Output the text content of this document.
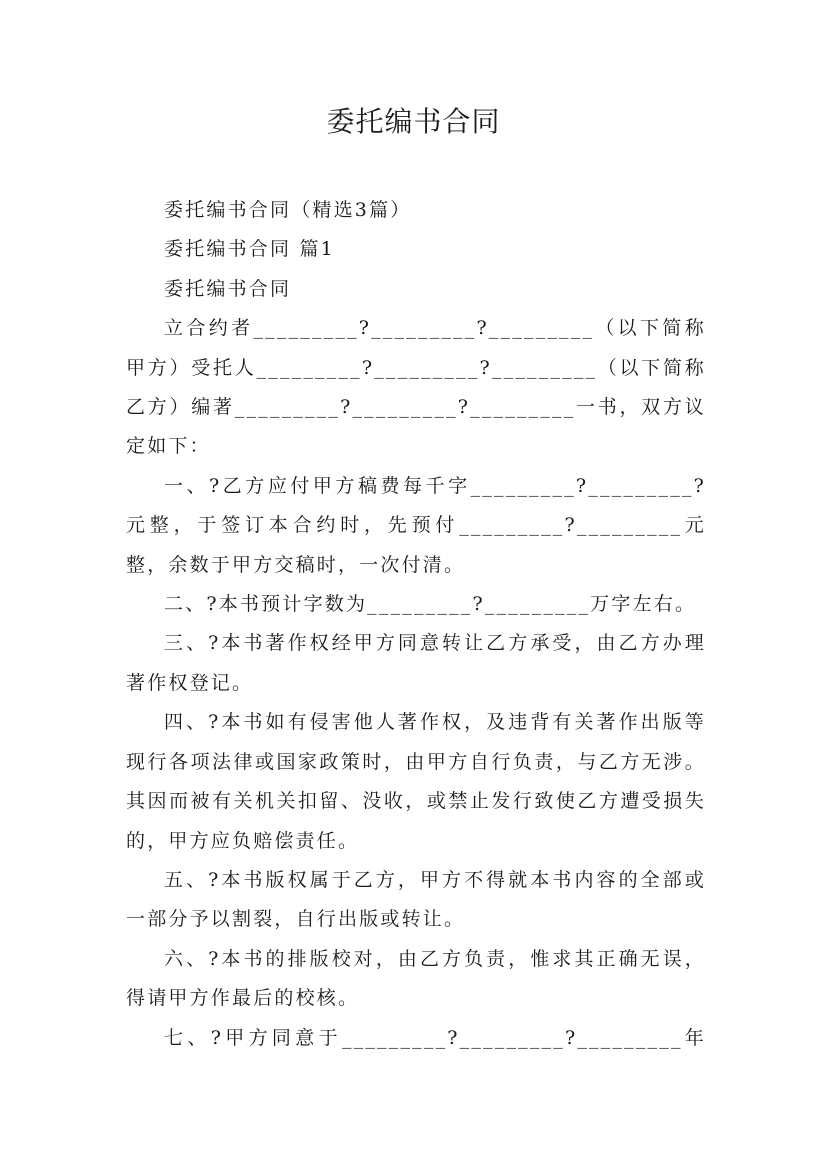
委托编书合同

委托编书合同（精选3篇）

委托编书合同 篇1

委托编书合同

立合约者_________?_________?_________（以下简称甲方）受托人_________?_________?_________（以下简称乙方）编著_________?_________?_________一书，双方议定如下：

一、?乙方应付甲方稿费每千字_________?_________?元整，于签订本合约时，先预付_________?_________元整，余数于甲方交稿时，一次付清。

二、?本书预计字数为_________?_________万字左右。

三、?本书著作权经甲方同意转让乙方承受，由乙方办理著作权登记。

四、?本书如有侵害他人著作权，及违背有关著作出版等现行各项法律或国家政策时，由甲方自行负责，与乙方无涉。其因而被有关机关扣留、没收，或禁止发行致使乙方遭受损失的，甲方应负赔偿责任。

五、?本书版权属于乙方，甲方不得就本书内容的全部或一部分予以割裂，自行出版或转让。

六、?本书的排版校对，由乙方负责，惟求其正确无误，得请甲方作最后的校核。

七、?甲方同意于_________?_________?_________年
